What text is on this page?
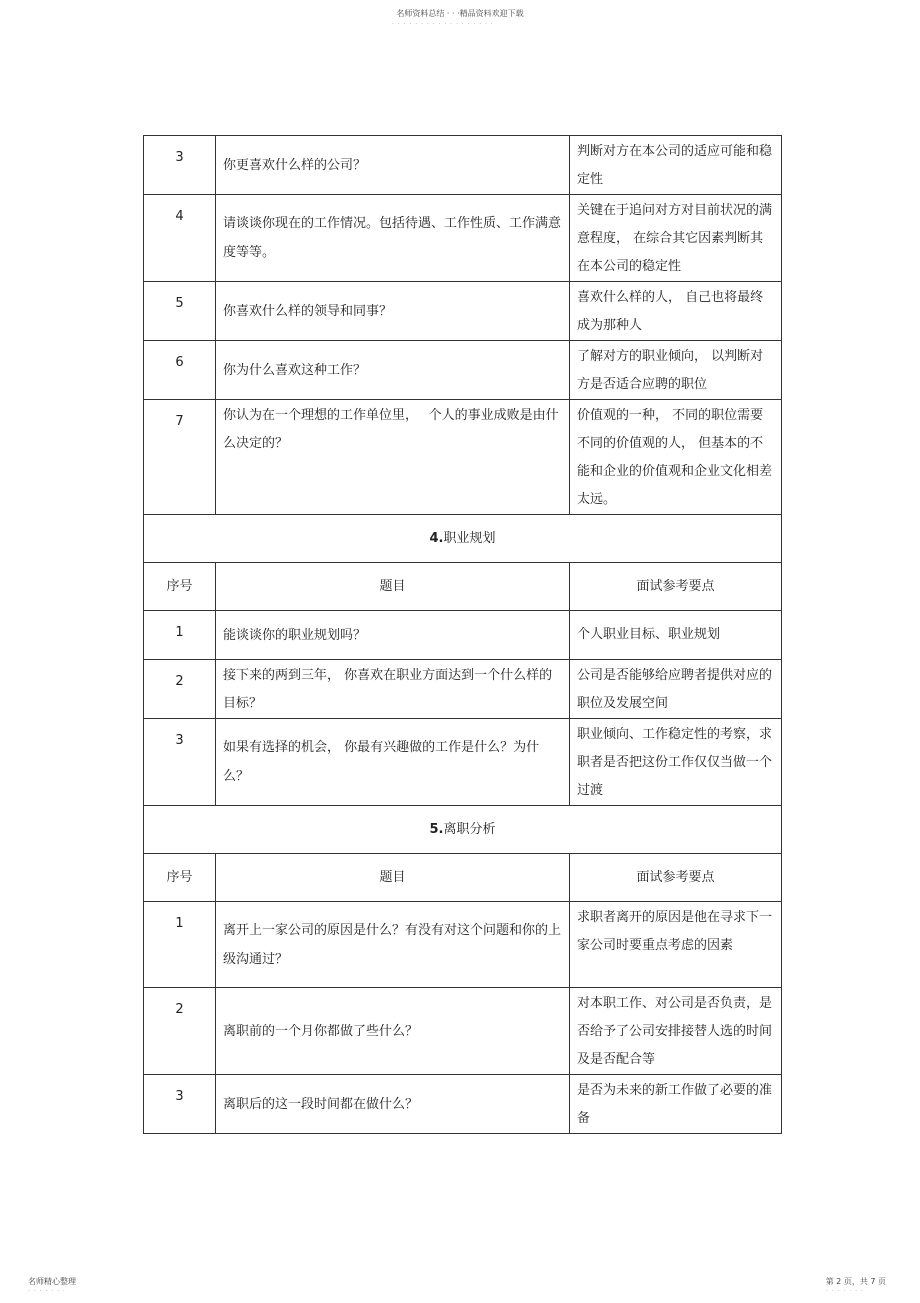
名师资料总结 · · ·精品资料欢迎下载
· · · · · · · · · · · · · · · · · ·
3	你更喜欢什么样的公司？	判断对方在本公司的适应可能和稳定性
4	请谈谈你现在的工作情况。包括待遇、工作性质、工作满意度等等。	关键在于追问对方对目前状况的满意程度， 在综合其它因素判断其在本公司的稳定性
5	你喜欢什么样的领导和同事？	喜欢什么样的人， 自己也将最终成为那种人
6	你为什么喜欢这种工作？	了解对方的职业倾向， 以判断对方是否适合应聘的职位
7	你认为在一个理想的工作单位里，　 个人的事业成败是由什么决定的？	价值观的一种， 不同的职位需要不同的价值观的人， 但基本的不能和企业的价值观和企业文化相差太远。
4.职业规划		
序号	题目	面试参考要点
1	能谈谈你的职业规划吗？	个人职业目标、职业规划
2	接下来的两到三年， 你喜欢在职业方面达到一个什么样的目标？	公司是否能够给应聘者提供对应的职位及发展空间
3	如果有选择的机会， 你最有兴趣做的工作是什么？为什么？	职业倾向、工作稳定性的考察，求职者是否把这份工作仅仅当做一个过渡
5.离职分析		
序号	题目	面试参考要点
1	离开上一家公司的原因是什么？有没有对这个问题和你的上级沟通过？	求职者离开的原因是他在寻求下一家公司时要重点考虑的因素
2	离职前的一个月你都做了些什么？	对本职工作、对公司是否负责，是否给予了公司安排接替人选的时间及是否配合等
3	离职后的这一段时间都在做什么？	是否为未来的新工作做了必要的准备
名师精心整理
· · · · · · ·
第 2 页，共 7 页
· · · · · · ·
